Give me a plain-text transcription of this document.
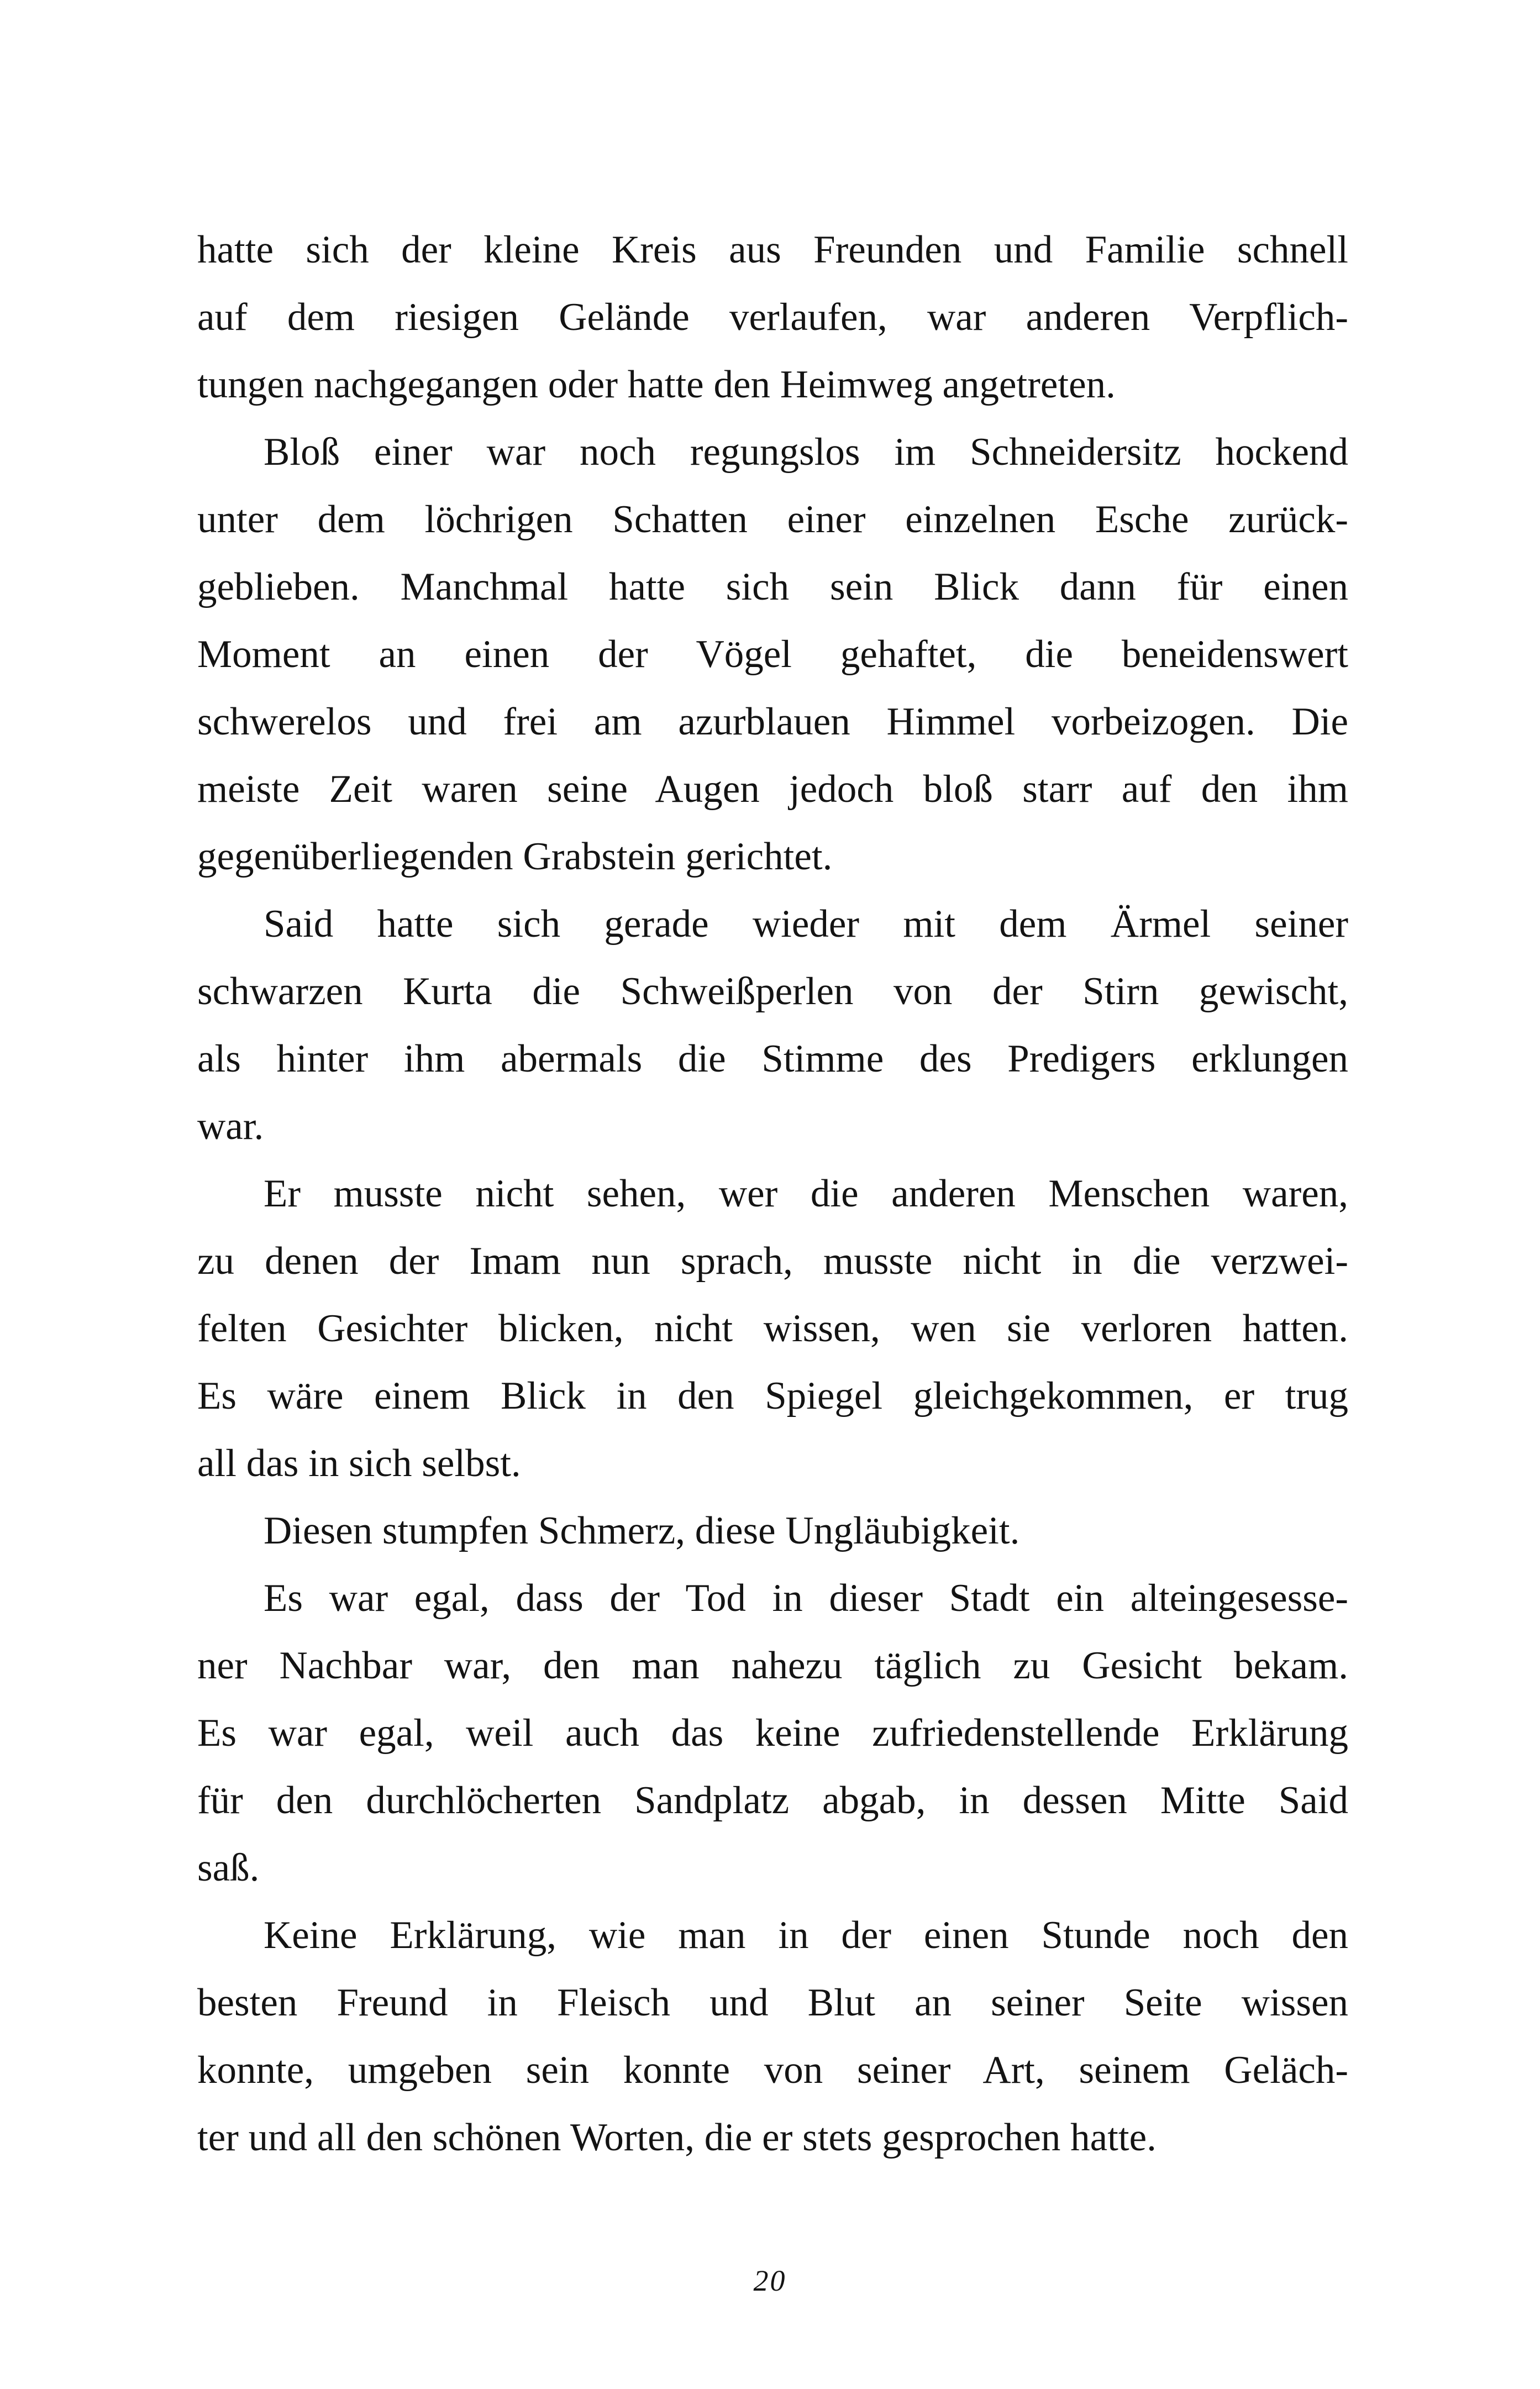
hatte sich der kleine Kreis aus Freunden und Familie schnell
auf dem riesigen Gelände verlaufen, war anderen Verpflich-
tungen nachgegangen oder hatte den Heimweg angetreten.
Bloß einer war noch regungslos im Schneidersitz hockend
unter dem löchrigen Schatten einer einzelnen Esche zurück-
geblieben. Manchmal hatte sich sein Blick dann für einen
Moment an einen der Vögel gehaftet, die beneidenswert
schwerelos und frei am azurblauen Himmel vorbeizogen. Die
meiste Zeit waren seine Augen jedoch bloß starr auf den ihm
gegenüberliegenden Grabstein gerichtet.
Said hatte sich gerade wieder mit dem Ärmel seiner
schwarzen Kurta die Schweißperlen von der Stirn gewischt,
als hinter ihm abermals die Stimme des Predigers erklungen
war.
Er musste nicht sehen, wer die anderen Menschen waren,
zu denen der Imam nun sprach, musste nicht in die verzwei-
felten Gesichter blicken, nicht wissen, wen sie verloren hatten.
Es wäre einem Blick in den Spiegel gleichgekommen, er trug
all das in sich selbst.
Diesen stumpfen Schmerz, diese Ungläubigkeit.
Es war egal, dass der Tod in dieser Stadt ein alteingesesse-
ner Nachbar war, den man nahezu täglich zu Gesicht bekam.
Es war egal, weil auch das keine zufriedenstellende Erklärung
für den durchlöcherten Sandplatz abgab, in dessen Mitte Said
saß.
Keine Erklärung, wie man in der einen Stunde noch den
besten Freund in Fleisch und Blut an seiner Seite wissen
konnte, umgeben sein konnte von seiner Art, seinem Geläch-
ter und all den schönen Worten, die er stets gesprochen hatte.
20
